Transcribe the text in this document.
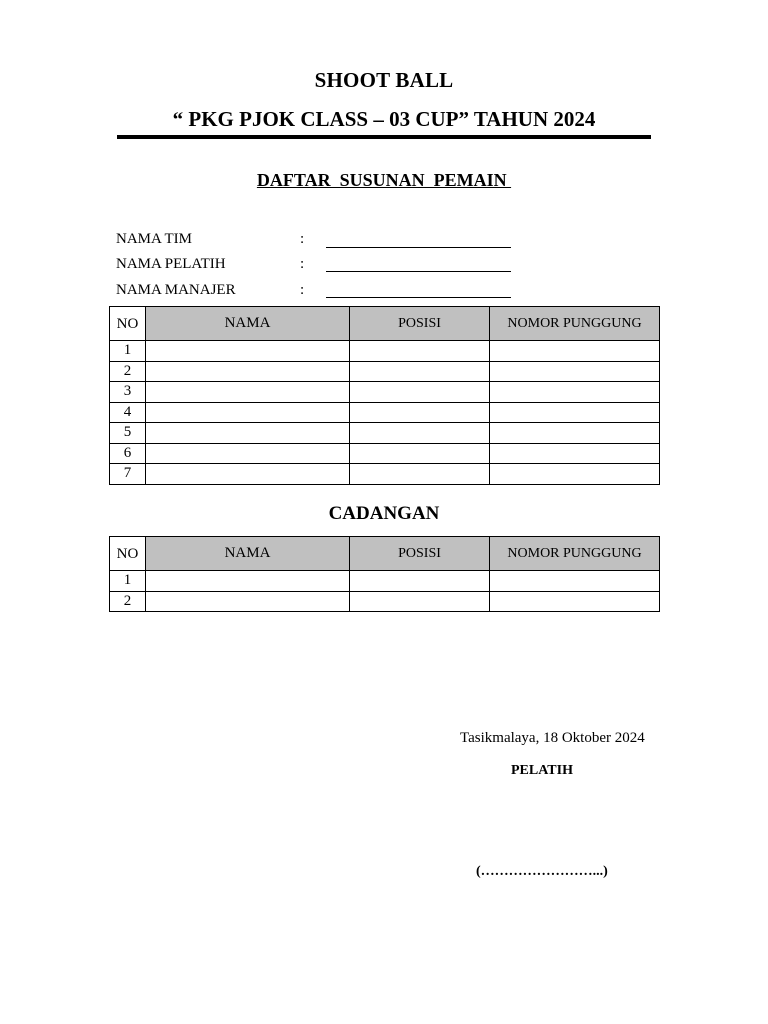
SHOOT BALL
“ PKG PJOK CLASS – 03 CUP” TAHUN 2024
DAFTAR  SUSUNAN  PEMAIN
NAMA TIM	:
NAMA PELATIH	:
NAMA MANAJER	:
NO	NAMA	POSISI	NOMOR PUNGGUNG
1			
2			
3			
4			
5			
6			
7			
CADANGAN
NO	NAMA	POSISI	NOMOR PUNGGUNG
1			
2			
Tasikmalaya, 18 Oktober 2024
PELATIH
(……………………...)
